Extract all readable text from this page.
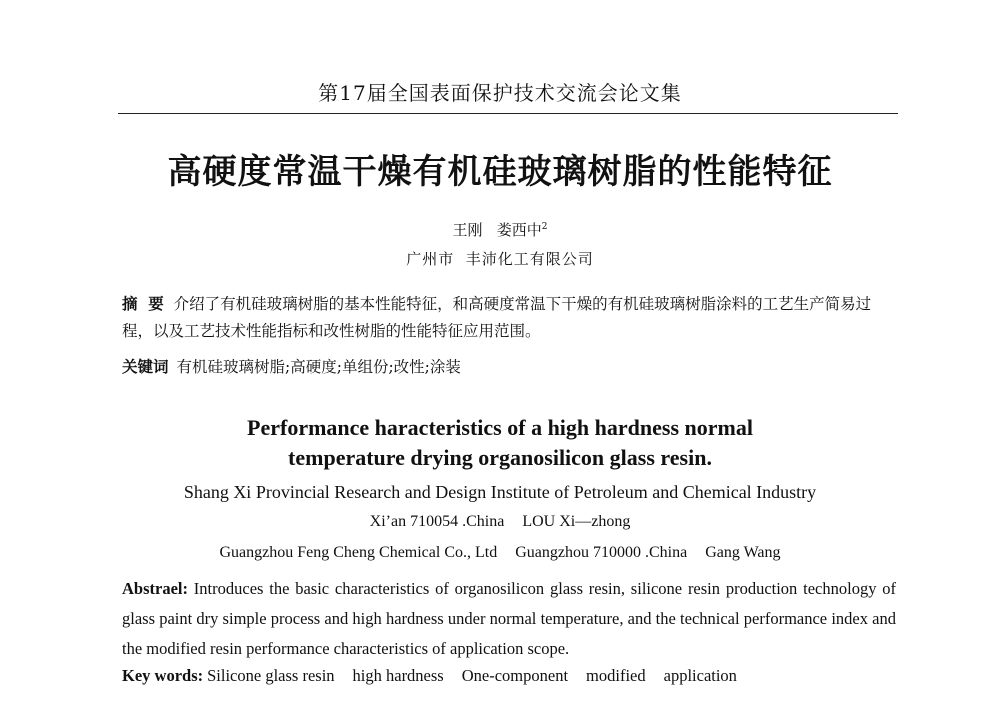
第17届全国表面保护技术交流会论文集
高硬度常温干燥有机硅玻璃树脂的性能特征
王刚   娄西中$^2$
广州市  丰沛化工有限公司
摘  要 介绍了有机硅玻璃树脂的基本性能特征，和高硬度常温下干燥的有机硅玻璃树脂涂料的工艺生产简易过程，以及工艺技术性能指标和改性树脂的性能特征应用范围。
关键词 有机硅玻璃树脂;高硬度;单组份;改性;涂装
Performance haracteristics of a high hardness normal
temperature drying organosilicon glass resin.
Shang Xi Provincial Research and Design Institute of Petroleum and Chemical Industry
Xi’an 710054 .China LOU Xi—zhong
Guangzhou Feng Cheng Chemical Co., Ltd Guangzhou 710000 .China Gang Wang
Abstrael: Introduces the basic characteristics of organosilicon glass resin, silicone resin production technology of glass paint dry simple process and high hardness under normal temperature, and the technical performance index and the modified resin performance characteristics of application scope.
Key words: Silicone glass resin high hardness One-component modified application
